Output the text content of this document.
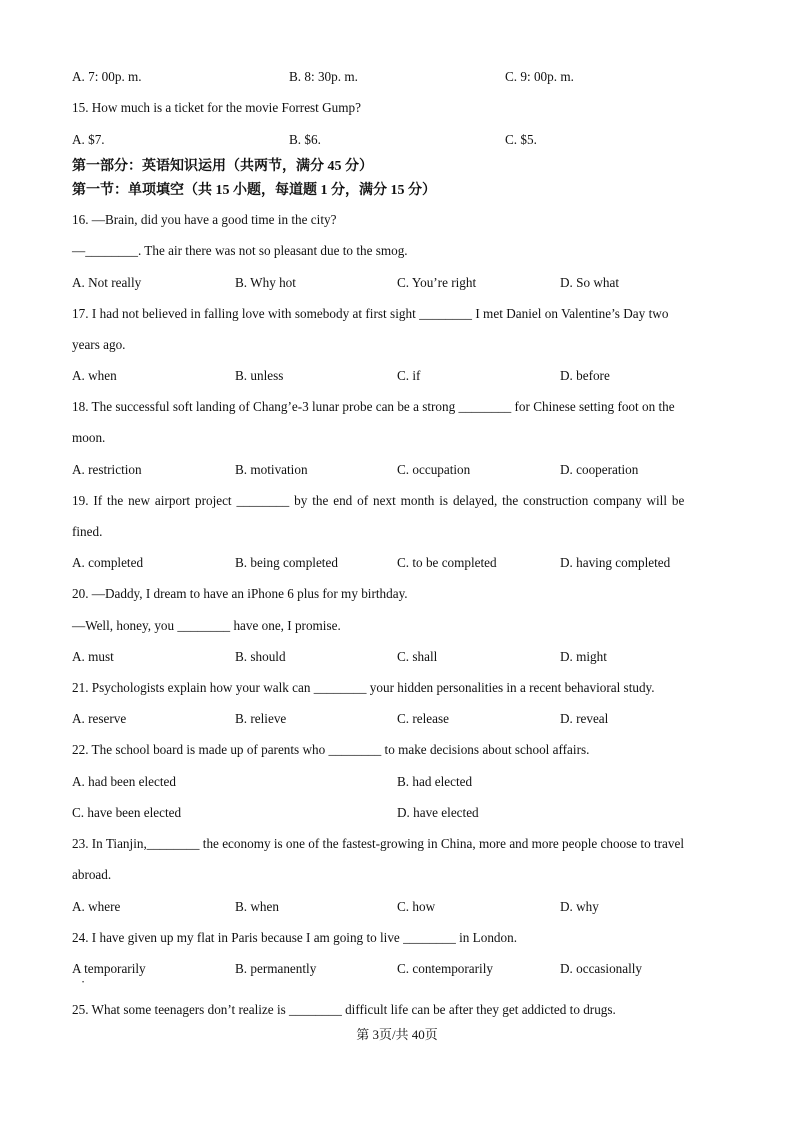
A. 7: 00p. m.	B. 8: 30p. m.	C. 9: 00p. m.
15. How much is a ticket for the movie Forrest Gump?
A. $7.	B. $6.	C. $5.
第一部分：英语知识运用（共两节，满分 45 分）
第一节：单项填空（共 15 小题，每道题 1 分，满分 15 分）
16. —Brain, did you have a good time in the city?
—________. The air there was not so pleasant due to the smog.
A. Not really	B. Why hot	C. You’re right	D. So what
17. I had not believed in falling love with somebody at first sight ________ I met Daniel on Valentine’s Day two
years ago.
A. when	B. unless	C. if	D. before
18. The successful soft landing of Chang’e-3 lunar probe can be a strong ________ for Chinese setting foot on the
moon.
A. restriction	B. motivation	C. occupation	D. cooperation
19. If the new airport project ________ by the end of next month is delayed, the construction company will be
fined.
A. completed	B. being completed	C. to be completed	D. having completed
20. —Daddy, I dream to have an iPhone 6 plus for my birthday.
—Well, honey, you ________ have one, I promise.
A. must	B. should	C. shall	D. might
21. Psychologists explain how your walk can ________ your hidden personalities in a recent behavioral study.
A. reserve	B. relieve	C. release	D. reveal
22. The school board is made up of parents who ________ to make decisions about school affairs.
A. had been elected	B. had elected
C. have been elected	D. have elected
23. In Tianjin,________ the economy is one of the fastest-growing in China, more and more people choose to travel
abroad.
A. where	B. when	C. how	D. why
24. I have given up my flat in Paris because I am going to live ________ in London.
A temporarily	B. permanently	C. contemporarily	D. occasionally
•
25. What some teenagers don’t realize is ________ difficult life can be after they get addicted to drugs.
第 3页/共 40页
